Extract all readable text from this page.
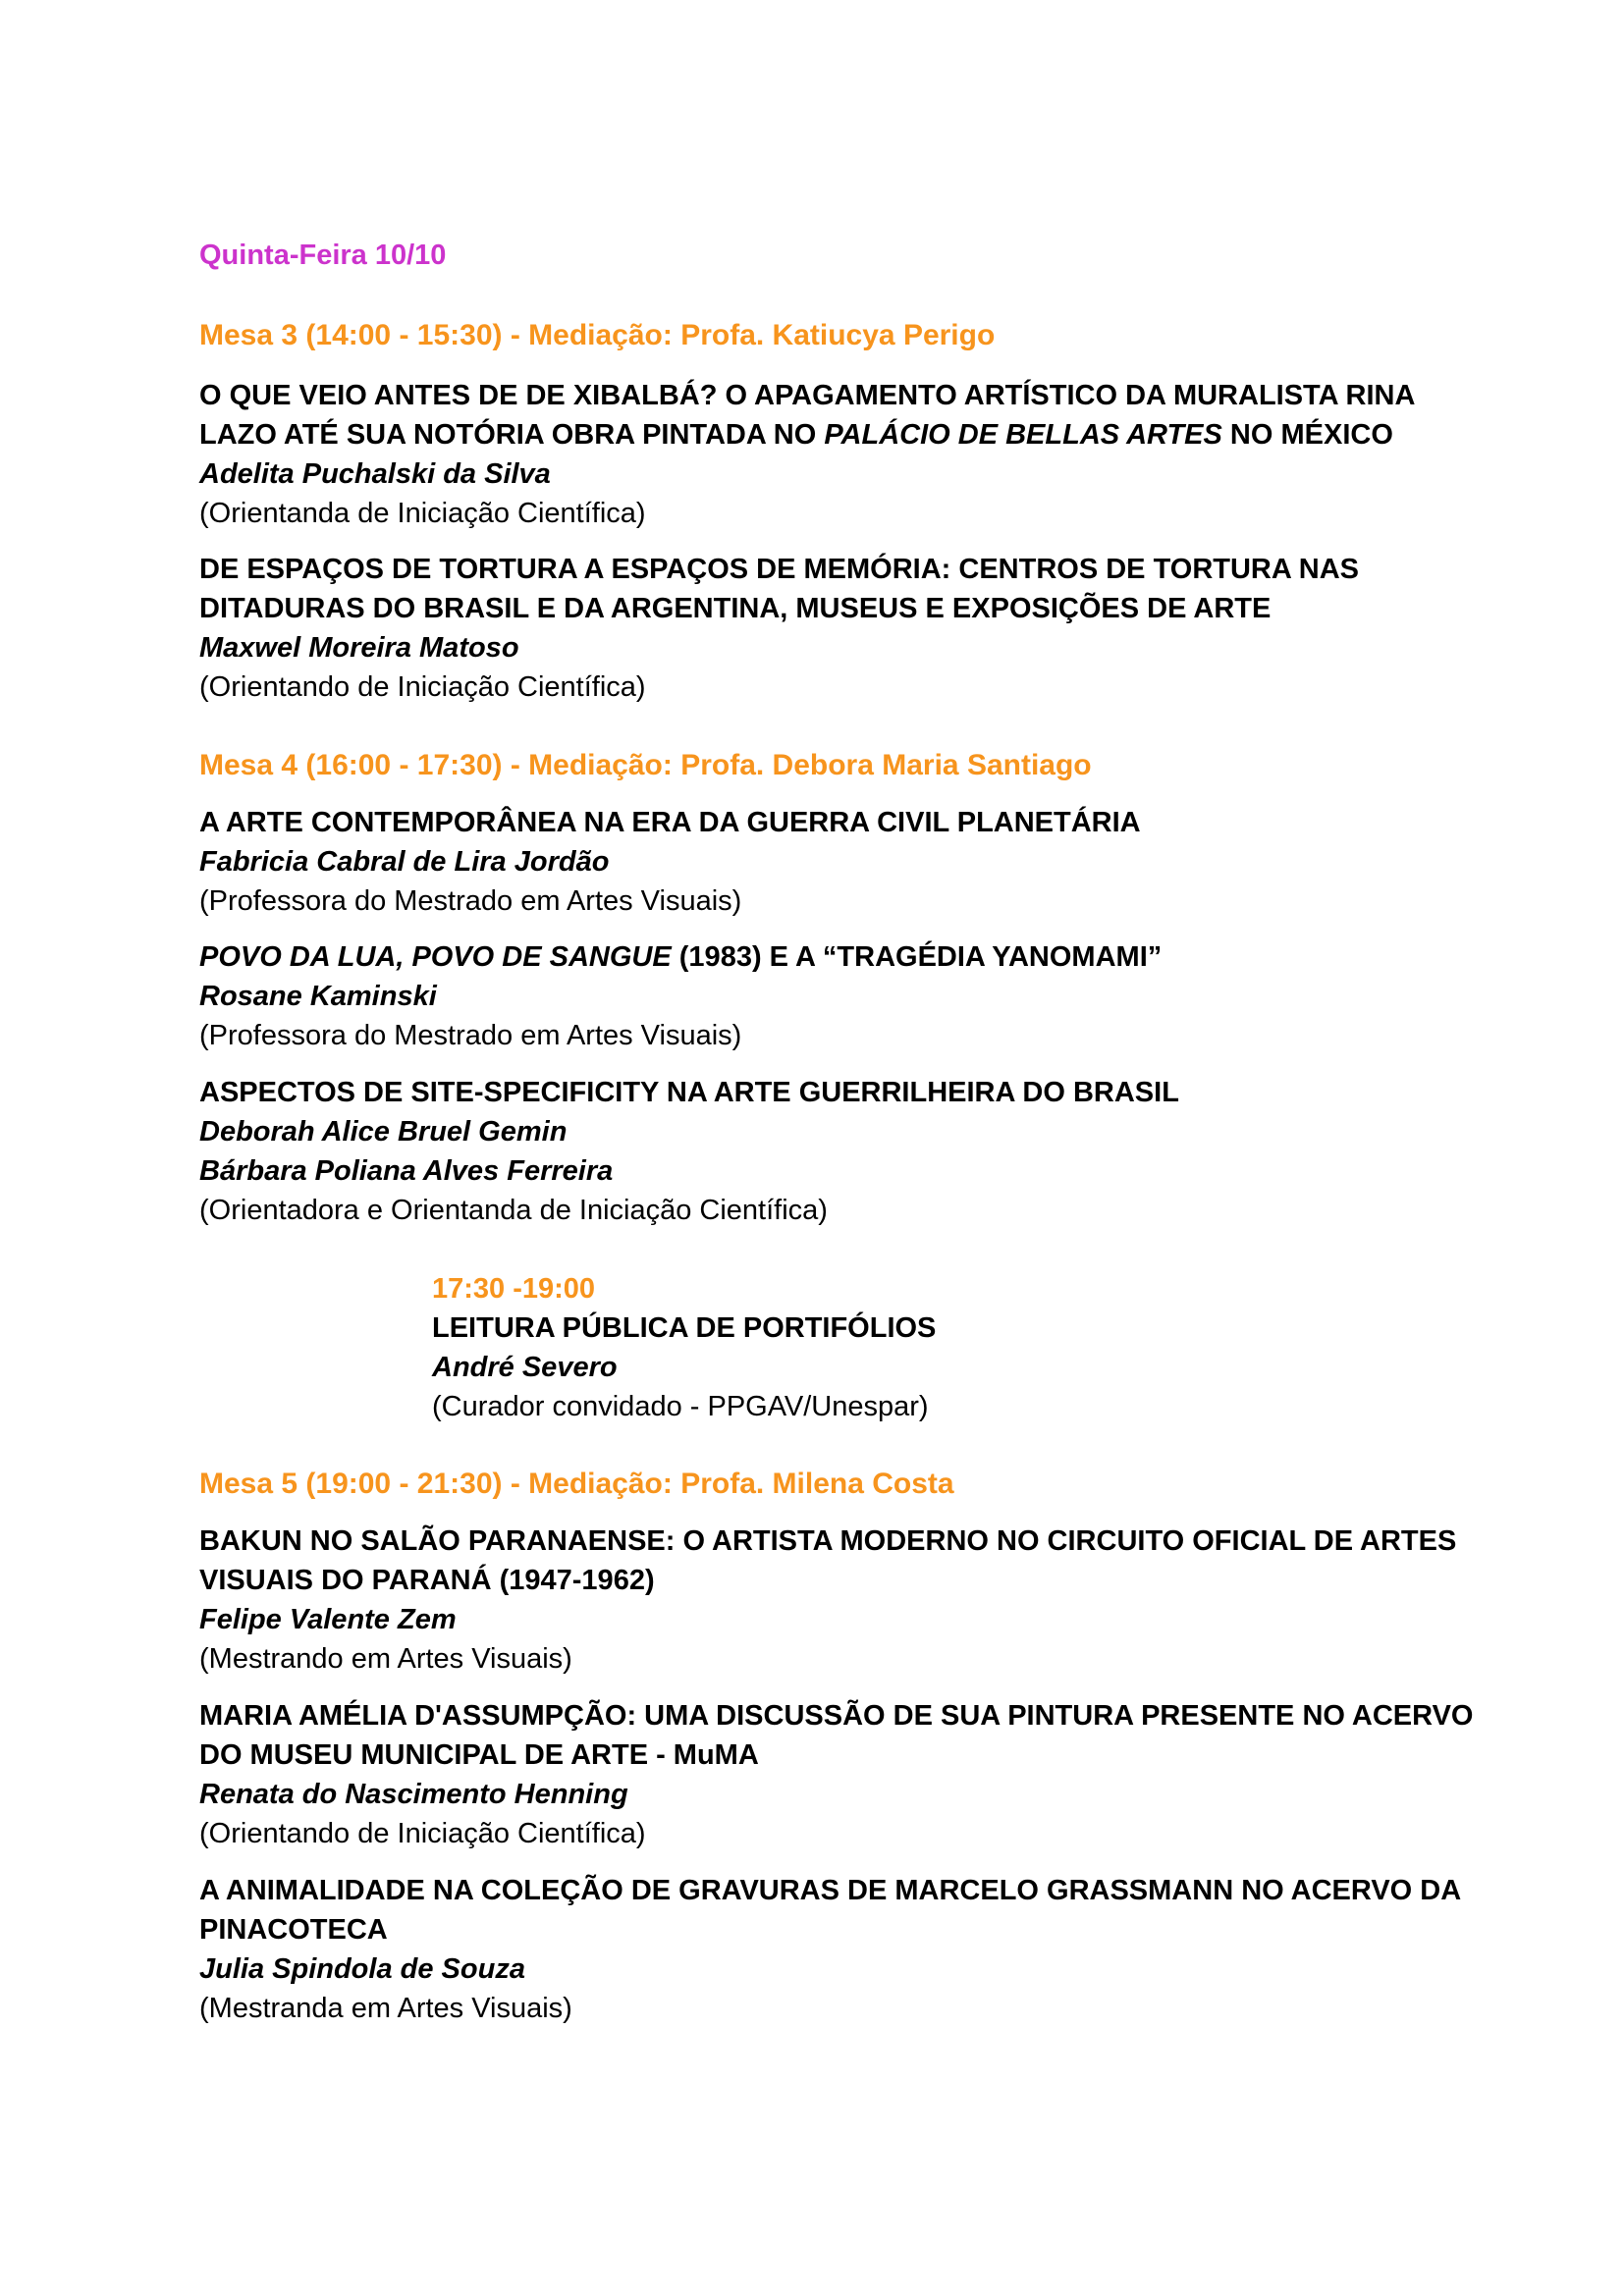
Quinta-Feira 10/10
Mesa 3 (14:00 - 15:30) - Mediação: Profa. Katiucya Perigo
O QUE VEIO ANTES DE DE XIBALBÁ? O APAGAMENTO ARTÍSTICO DA MURALISTA RINA
LAZO ATÉ SUA NOTÓRIA OBRA PINTADA NO PALÁCIO DE BELLAS ARTES NO MÉXICO
Adelita Puchalski da Silva
(Orientanda de Iniciação Científica)
DE ESPAÇOS DE TORTURA A ESPAÇOS DE MEMÓRIA: CENTROS DE TORTURA NAS
DITADURAS DO BRASIL E DA ARGENTINA, MUSEUS E EXPOSIÇÕES DE ARTE
Maxwel Moreira Matoso
(Orientando de Iniciação Científica)
Mesa 4 (16:00 - 17:30) - Mediação: Profa. Debora Maria Santiago
A ARTE CONTEMPORÂNEA NA ERA DA GUERRA CIVIL PLANETÁRIA
Fabricia Cabral de Lira Jordão
(Professora do Mestrado em Artes Visuais)
POVO DA LUA, POVO DE SANGUE (1983) E A “TRAGÉDIA YANOMAMI”
Rosane Kaminski
(Professora do Mestrado em Artes Visuais)
ASPECTOS DE SITE-SPECIFICITY NA ARTE GUERRILHEIRA DO BRASIL
Deborah Alice Bruel Gemin
Bárbara Poliana Alves Ferreira
(Orientadora e Orientanda de Iniciação Científica)
17:30 -19:00
LEITURA PÚBLICA DE PORTIFÓLIOS
André Severo
(Curador convidado - PPGAV/Unespar)
Mesa 5 (19:00 - 21:30) - Mediação: Profa. Milena Costa
BAKUN NO SALÃO PARANAENSE: O ARTISTA MODERNO NO CIRCUITO OFICIAL DE ARTES
VISUAIS DO PARANÁ (1947-1962)
Felipe Valente Zem
(Mestrando em Artes Visuais)
MARIA AMÉLIA D'ASSUMPÇÃO: UMA DISCUSSÃO DE SUA PINTURA PRESENTE NO ACERVO
DO MUSEU MUNICIPAL DE ARTE - MuMA
Renata do Nascimento Henning
(Orientando de Iniciação Científica)
A ANIMALIDADE NA COLEÇÃO DE GRAVURAS DE MARCELO GRASSMANN NO ACERVO DA
PINACOTECA
Julia Spindola de Souza
(Mestranda em Artes Visuais)
